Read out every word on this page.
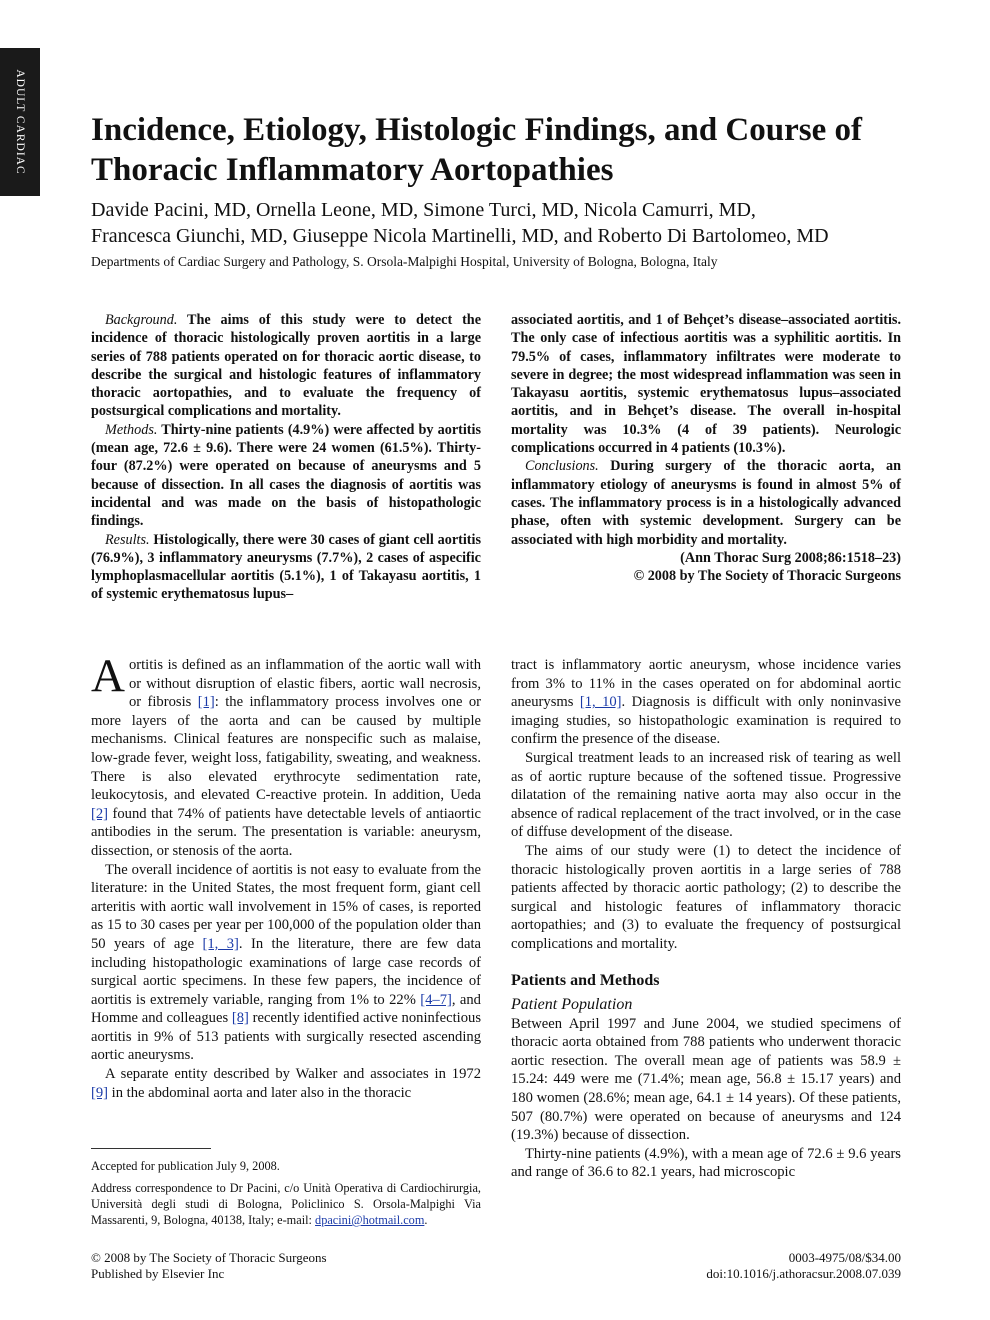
ADULT CARDIAC Incidence, Etiology, Histologic Findings, and Course of Thoracic Inflammatory Aortopathies
Davide Pacini, MD, Ornella Leone, MD, Simone Turci, MD, Nicola Camurri, MD,
Francesca Giunchi, MD, Giuseppe Nicola Martinelli, MD, and Roberto Di Bartolomeo, MD

Departments of Cardiac Surgery and Pathology, S. Orsola-Malpighi Hospital, University of Bologna, Bologna, Italy

Background. The aims of this study were to detect the incidence of thoracic histologically proven aortitis in a large series of 788 patients operated on for thoracic aortic disease, to describe the surgical and histologic features of inflammatory thoracic aortopathies, and to evaluate the frequency of postsurgical complications and mortality.

Methods. Thirty-nine patients (4.9%) were affected by aortitis (mean age, 72.6 ± 9.6). There were 24 women (61.5%). Thirty-four (87.2%) were operated on because of aneurysms and 5 because of dissection. In all cases the diagnosis of aortitis was incidental and was made on the basis of histopathologic findings.

Results. Histologically, there were 30 cases of giant cell aortitis (76.9%), 3 inflammatory aneurysms (7.7%), 2 cases of aspecific lymphoplasmacellular aortitis (5.1%), 1 of Takayasu aortitis, 1 of systemic erythematosus lupus–

associated aortitis, and 1 of Behçet’s disease–associated aortitis. The only case of infectious aortitis was a syphilitic aortitis. In 79.5% of cases, inflammatory infiltrates were moderate to severe in degree; the most widespread inflammation was seen in Takayasu aortitis, systemic erythematosus lupus–associated aortitis, and in Behçet’s disease. The overall in-hospital mortality was 10.3% (4 of 39 patients). Neurologic complications occurred in 4 patients (10.3%).

Conclusions. During surgery of the thoracic aorta, an inflammatory etiology of aneurysms is found in almost 5% of cases. The inflammatory process is in a histologically advanced phase, often with systemic development. Surgery can be associated with high morbidity and mortality.

(Ann Thorac Surg 2008;86:1518–23)
© 2008 by The Society of Thoracic Surgeons

Aortitis is defined as an inflammation of the aortic wall with or without disruption of elastic fibers, aortic wall necrosis, or fibrosis [1]: the inflammatory process involves one or more layers of the aorta and can be caused by multiple mechanisms. Clinical features are nonspecific such as malaise, low-grade fever, weight loss, fatigability, sweating, and weakness. There is also elevated erythrocyte sedimentation rate, leukocytosis, and elevated C-reactive protein. In addition, Ueda [2] found that 74% of patients have detectable levels of antiaortic antibodies in the serum. The presentation is variable: aneurysm, dissection, or stenosis of the aorta.

The overall incidence of aortitis is not easy to evaluate from the literature: in the United States, the most frequent form, giant cell arteritis with aortic wall involvement in 15% of cases, is reported as 15 to 30 cases per year per 100,000 of the population older than 50 years of age [1, 3]. In the literature, there are few data including histopathologic examinations of large case records of surgical aortic specimens. In these few papers, the incidence of aortitis is extremely variable, ranging from 1% to 22% [4–7], and Homme and colleagues [8] recently identified active noninfectious aortitis in 9% of 513 patients with surgically resected ascending aortic aneurysms.

A separate entity described by Walker and associates in 1972 [9] in the abdominal aorta and later also in the thoracic

tract is inflammatory aortic aneurysm, whose incidence varies from 3% to 11% in the cases operated on for abdominal aortic aneurysms [1, 10]. Diagnosis is difficult with only noninvasive imaging studies, so histopathologic examination is required to confirm the presence of the disease.

Surgical treatment leads to an increased risk of tearing as well as of aortic rupture because of the softened tissue. Progressive dilatation of the remaining native aorta may also occur in the absence of radical replacement of the tract involved, or in the case of diffuse development of the disease.

The aims of our study were (1) to detect the incidence of thoracic histologically proven aortitis in a large series of 788 patients affected by thoracic aortic pathology; (2) to describe the surgical and histologic features of inflammatory thoracic aortopathies; and (3) to evaluate the frequency of postsurgical complications and mortality.

Patients and Methods

Patient Population

Between April 1997 and June 2004, we studied specimens of thoracic aorta obtained from 788 patients who underwent thoracic aortic resection. The overall mean age of patients was 58.9 ± 15.24: 449 were me (71.4%; mean age, 56.8 ± 15.17 years) and 180 women (28.6%; mean age, 64.1 ± 14 years). Of these patients, 507 (80.7%) were operated on because of aneurysms and 124 (19.3%) because of dissection.

Thirty-nine patients (4.9%), with a mean age of 72.6 ± 9.6 years and range of 36.6 to 82.1 years, had microscopic

Accepted for publication July 9, 2008.

Address correspondence to Dr Pacini, c/o Unità Operativa di Cardiochirurgia, Università degli studi di Bologna, Policlinico S. Orsola-Malpighi Via Massarenti, 9, Bologna, 40138, Italy; e-mail: dpacini@hotmail.com.

© 2008 by The Society of Thoracic Surgeons
Published by Elsevier Inc
0003-4975/08/$34.00
doi:10.1016/j.athoracsur.2008.07.039
